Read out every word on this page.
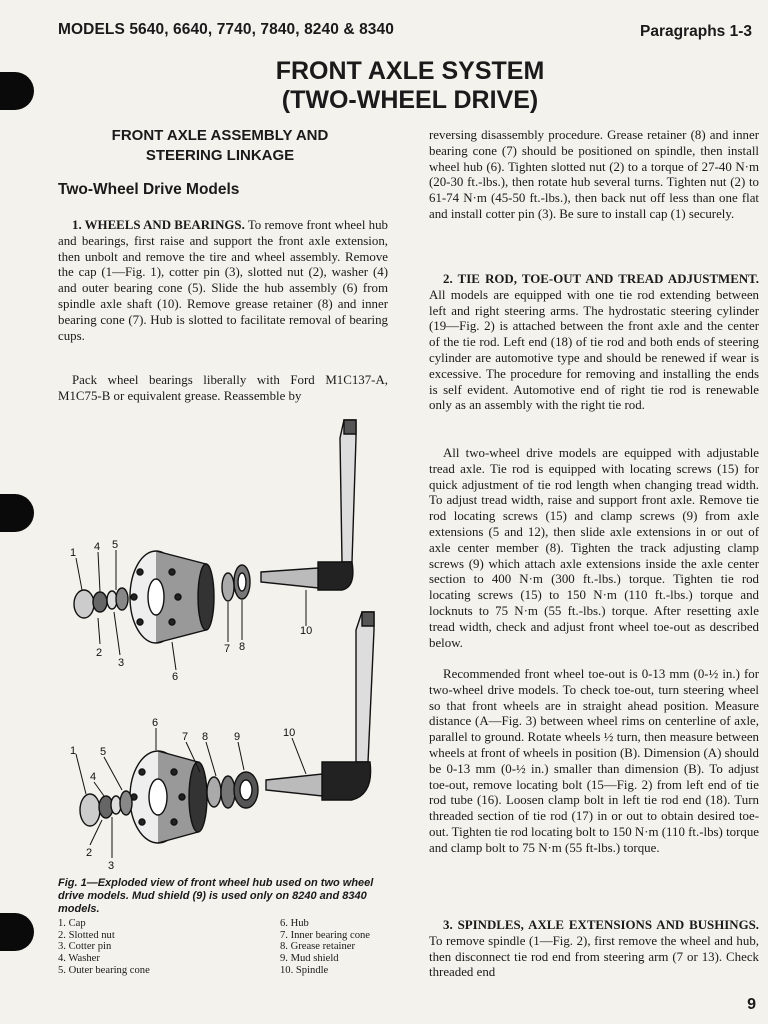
MODELS 5640, 6640, 7740, 7840, 8240 & 8340	Paragraphs 1-3
FRONT AXLE SYSTEM
(TWO-WHEEL DRIVE)
FRONT AXLE ASSEMBLY AND
STEERING LINKAGE
Two-Wheel Drive Models

1. WHEELS AND BEARINGS. To remove front wheel hub and bearings, first raise and support the front axle extension, then unbolt and remove the tire and wheel assembly. Remove the cap (1—Fig. 1), cotter pin (3), slotted nut (2), washer (4) and outer bearing cone (5). Slide the hub assembly (6) from spindle axle shaft (10). Remove grease retainer (8) and inner bearing cone (7). Hub is slotted to facilitate removal of bearing cups.

Pack wheel bearings liberally with Ford M1C137-A, M1C75-B or equivalent grease. Reassemble by

1 4 5
2
3
6
7 8
10
6
7 8 9	10
1 5
4
2
3
Fig. 1—Exploded view of front wheel hub used on two wheel drive models. Mud shield (9) is used only on 8240 and 8340 models.
1. Cap
2. Slotted nut
3. Cotter pin
4. Washer
5. Outer bearing cone
6. Hub
7. Inner bearing cone
8. Grease retainer
9. Mud shield
10. Spindle

reversing disassembly procedure. Grease retainer (8) and inner bearing cone (7) should be positioned on spindle, then install wheel hub (6). Tighten slotted nut (2) to a torque of 27-40 N·m (20-30 ft.-lbs.), then rotate hub several turns. Tighten nut (2) to 61-74 N·m (45-50 ft.-lbs.), then back nut off less than one flat and install cotter pin (3). Be sure to install cap (1) securely.

2. TIE ROD, TOE-OUT AND TREAD ADJUSTMENT. All models are equipped with one tie rod extending between left and right steering arms. The hydrostatic steering cylinder (19—Fig. 2) is attached between the front axle and the center of the tie rod. Left end (18) of tie rod and both ends of steering cylinder are automotive type and should be renewed if wear is excessive. The procedure for removing and installing the ends is self evident. Automotive end of right tie rod is renewable only as an assembly with the right tie rod.

All two-wheel drive models are equipped with adjustable tread axle. Tie rod is equipped with locating screws (15) for quick adjustment of tie rod length when changing tread width. To adjust tread width, raise and support front axle. Remove tie rod locating screws (15) and clamp screws (9) from axle extensions (5 and 12), then slide axle extensions in or out of axle center member (8). Tighten the track adjusting clamp screws (9) which attach axle extensions inside the axle center section to 400 N·m (300 ft.-lbs.) torque. Tighten tie rod locating screws (15) to 150 N·m (110 ft.-lbs.) torque and locknuts to 75 N·m (55 ft.-lbs.) torque. After resetting axle tread width, check and adjust front wheel toe-out as described below.

Recommended front wheel toe-out is 0-13 mm (0-½ in.) for two-wheel drive models. To check toe-out, turn steering wheel so that front wheels are in straight ahead position. Measure distance (A—Fig. 3) between wheel rims on centerline of axle, parallel to ground. Rotate wheels ½ turn, then measure between wheels at front of wheels in position (B). Dimension (A) should be 0-13 mm (0-½ in.) smaller than dimension (B). To adjust toe-out, remove locating bolt (15—Fig. 2) from left end of tie rod tube (16). Loosen clamp bolt in left tie rod end (18). Turn threaded section of tie rod (17) in or out to obtain desired toe-out. Tighten tie rod locating bolt to 150 N·m (110 ft.-lbs) torque and clamp bolt to 75 N·m (55 ft-lbs.) torque.

3. SPINDLES, AXLE EXTENSIONS AND BUSHINGS. To remove spindle (1—Fig. 2), first remove the wheel and hub, then disconnect tie rod end from steering arm (7 or 13). Check threaded end

9
